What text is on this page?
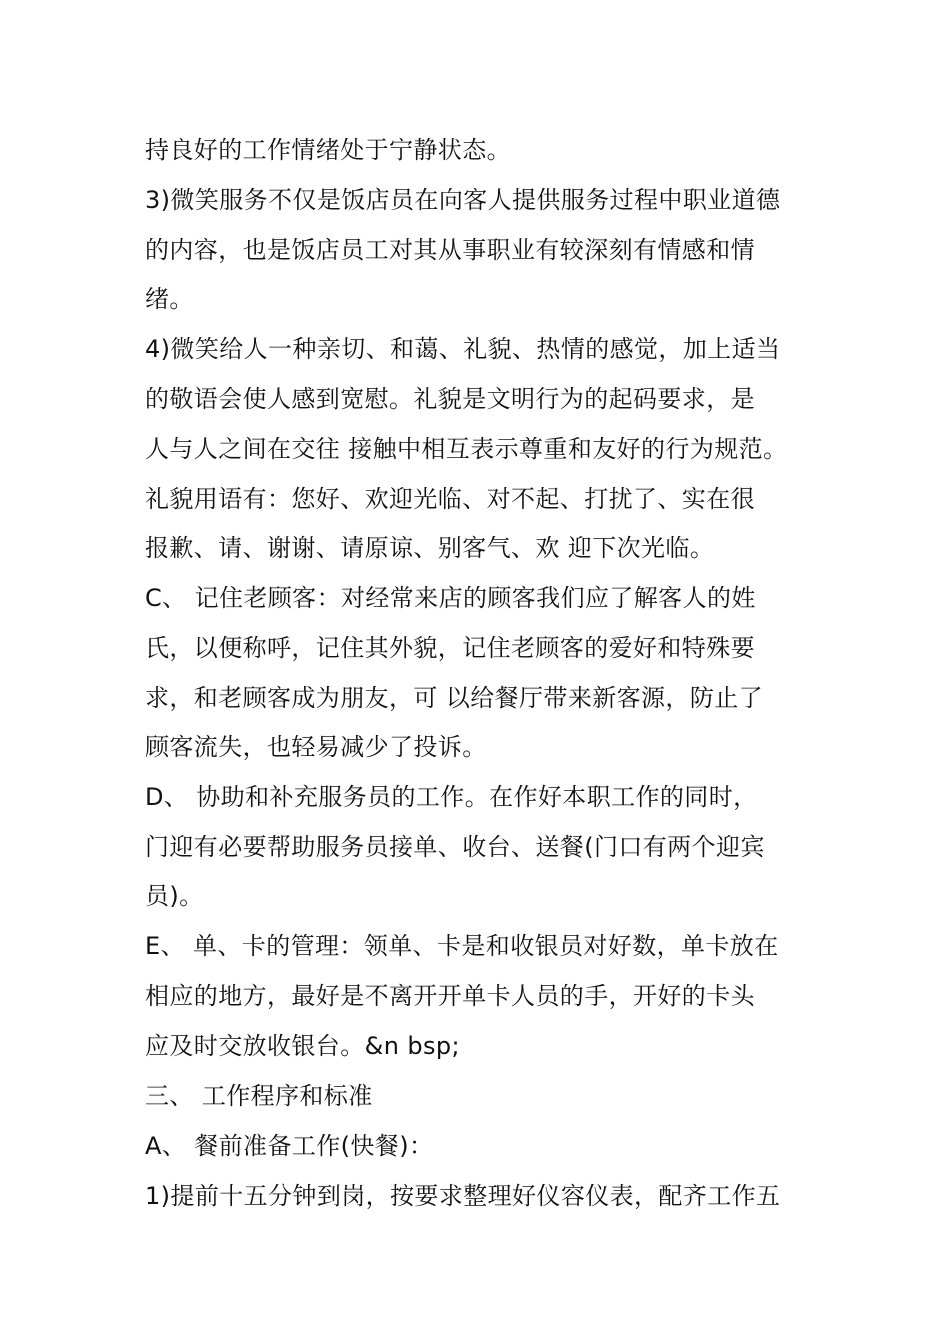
持良好的工作情绪处于宁静状态。
3)微笑服务不仅是饭店员在向客人提供服务过程中职业道德
的内容，也是饭店员工对其从事职业有较深刻有情感和情
绪。
4)微笑给人一种亲切、和蔼、礼貌、热情的感觉，加上适当
的敬语会使人感到宽慰。礼貌是文明行为的起码要求，是
人与人之间在交往 接触中相互表示尊重和友好的行为规范。
礼貌用语有：您好、欢迎光临、对不起、打扰了、实在很
报歉、请、谢谢、请原谅、别客气、欢 迎下次光临。
C、 记住老顾客：对经常来店的顾客我们应了解客人的姓
氏，以便称呼，记住其外貌，记住老顾客的爱好和特殊要
求，和老顾客成为朋友，可 以给餐厅带来新客源，防止了
顾客流失，也轻易减少了投诉。
D、 协助和补充服务员的工作。在作好本职工作的同时，
门迎有必要帮助服务员接单、收台、送餐(门口有两个迎宾
员)。
E、 单、卡的管理：领单、卡是和收银员对好数，单卡放在
相应的地方，最好是不离开开单卡人员的手，开好的卡头
应及时交放收银台。&n bsp;
三、 工作程序和标准
A、 餐前准备工作(快餐)：
1)提前十五分钟到岗，按要求整理好仪容仪表，配齐工作五
